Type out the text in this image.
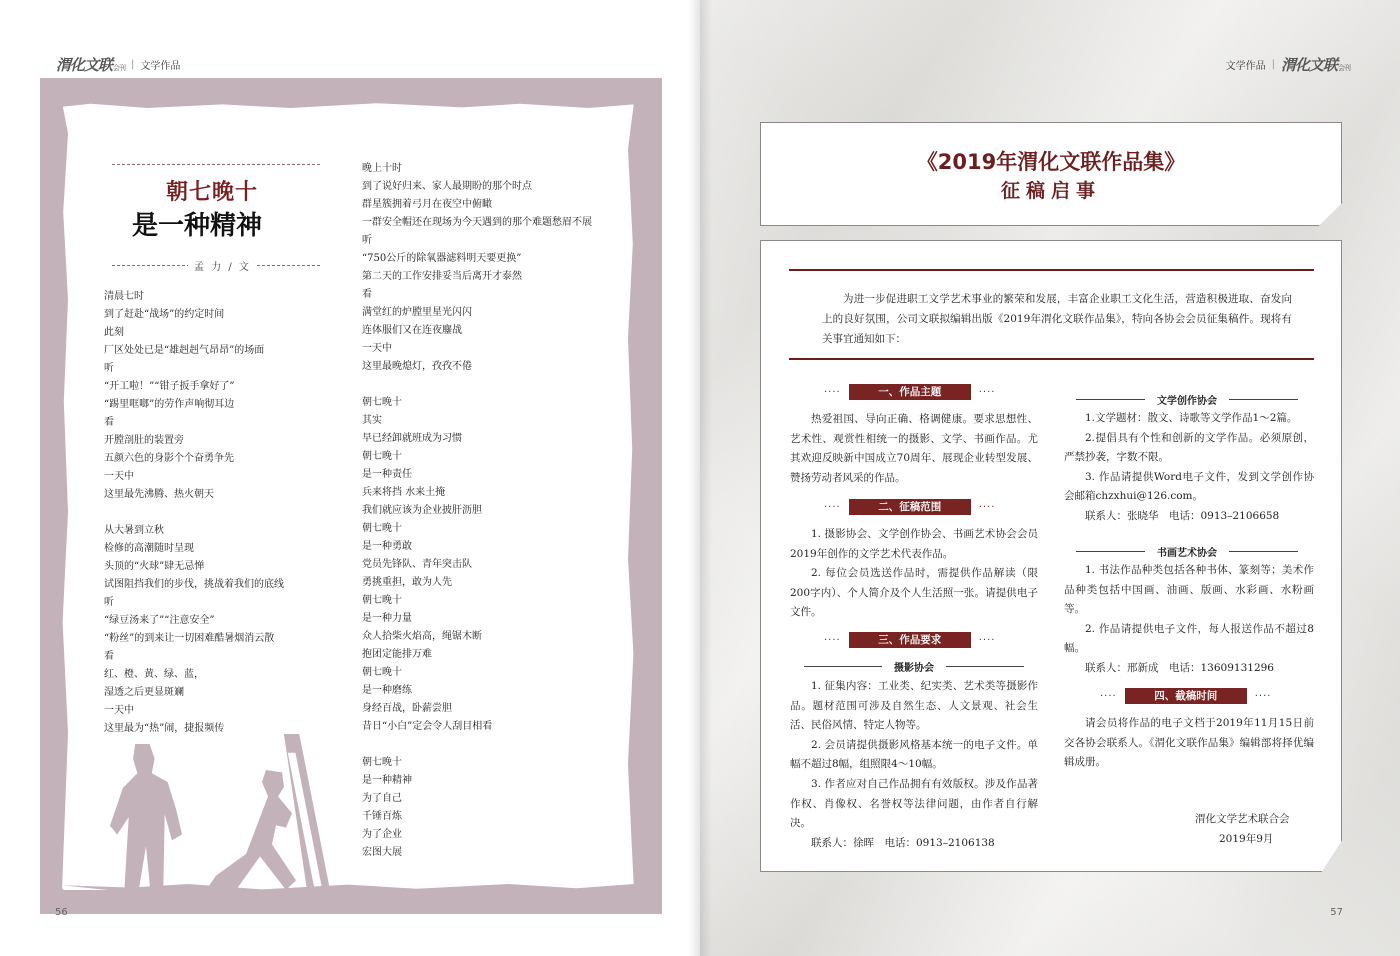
渭化文联会刊 | 文学作品
朝七晚十
是一种精神
孟 力 / 文
清晨七时
到了赶赴“战场”的约定时间
此刻
厂区处处已是“雄赳赳气昂昂”的场面
听
“开工啦！”“钳子扳手拿好了”
“踢里哐啷”的劳作声响彻耳边
看
开膛剖肚的装置旁
五颜六色的身影个个奋勇争先
一天中
这里最先沸腾、热火朝天
从大暑到立秋
检修的高潮随时呈现
头顶的“火球”肆无忌惮
试图阻挡我们的步伐，挑战着我们的底线
听
“绿豆汤来了”“注意安全”
“粉丝”的到来让一切困难酷暑烟消云散
看
红、橙、黄、绿、蓝，
湿透之后更显斑斓
一天中
这里最为“热”闹，捷报频传
晚上十时
到了说好归来、家人最期盼的那个时点
群星簇拥着弓月在夜空中俯瞰
一群安全帽还在现场为今天遇到的那个难题愁眉不展
听
“750公斤的除氧器滤料明天要更换”
第二天的工作安排妥当后离开才泰然
看
满堂红的炉膛里星光闪闪
连体服们又在连夜鏖战
一天中
这里最晚熄灯，孜孜不倦
朝七晚十
其实
早已经卸就班成为习惯
朝七晚十
是一种责任
兵来将挡 水来土掩
我们就应该为企业披肝沥胆
朝七晚十
是一种勇敢
党员先锋队、青年突击队
勇挑重担，敢为人先
朝七晚十
是一种力量
众人拾柴火焰高，绳锯木断
抱团定能排万难
朝七晚十
是一种磨练
身经百战，卧薪尝胆
昔日“小白”定会令人刮目相看
朝七晚十
是一种精神
为了自己
千锤百炼
为了企业
宏图大展
56
文学作品 | 渭化文联会刊
《2019年渭化文联作品集》
征稿启事
为进一步促进职工文学艺术事业的繁荣和发展，丰富企业职工文化生活，营造积极进取、奋发向上的良好氛围，公司文联拟编辑出版《2019年渭化文联作品集》，特向各协会会员征集稿件。现将有关事宜通知如下：
····	一、作品主题	····

热爱祖国、导向正确、格调健康。要求思想性、艺术性、观赏性相统一的摄影、文学、书画作品。尤其欢迎反映新中国成立70周年、展现企业转型发展、赞扬劳动者风采的作品。

····	二、征稿范围	····

1. 摄影协会、文学创作协会、书画艺术协会会员2019年创作的文学艺术代表作品。

2. 每位会员选送作品时，需提供作品解读（限200字内）、个人简介及个人生活照一张。请提供电子文件。

····	三、作品要求	····
摄影协会

1. 征集内容：工业类、纪实类、艺术类等摄影作品。题材范围可涉及自然生态、人文景观、社会生活、民俗风情、特定人物等。

2. 会员请提供摄影风格基本统一的电子文件。单幅不超过8幅，组照限4～10幅。

3. 作者应对自己作品拥有有效版权。涉及作品著作权、肖像权、名誉权等法律问题，由作者自行解决。

联系人：徐晖　电话：0913–2106138

文学创作协会

1.文学题材：散文、诗歌等文学作品1～2篇。

2.提倡具有个性和创新的文学作品。必须原创，严禁抄袭，字数不限。

3. 作品请提供Word电子文件，发到文学创作协会邮箱chzxhui@126.com。

联系人：张晓华　电话：0913–2106658

书画艺术协会

1. 书法作品种类包括各种书体、篆刻等；美术作品种类包括中国画、油画、版画、水彩画、水粉画等。

2. 作品请提供电子文件，每人报送作品不超过8幅。

联系人：邢新成　电话：13609131296

····	四、截稿时间	····

请会员将作品的电子文档于2019年11月15日前交各协会联系人。《渭化文联作品集》编辑部将择优编辑成册。

渭化文学艺术联合会
2019年9月
57
